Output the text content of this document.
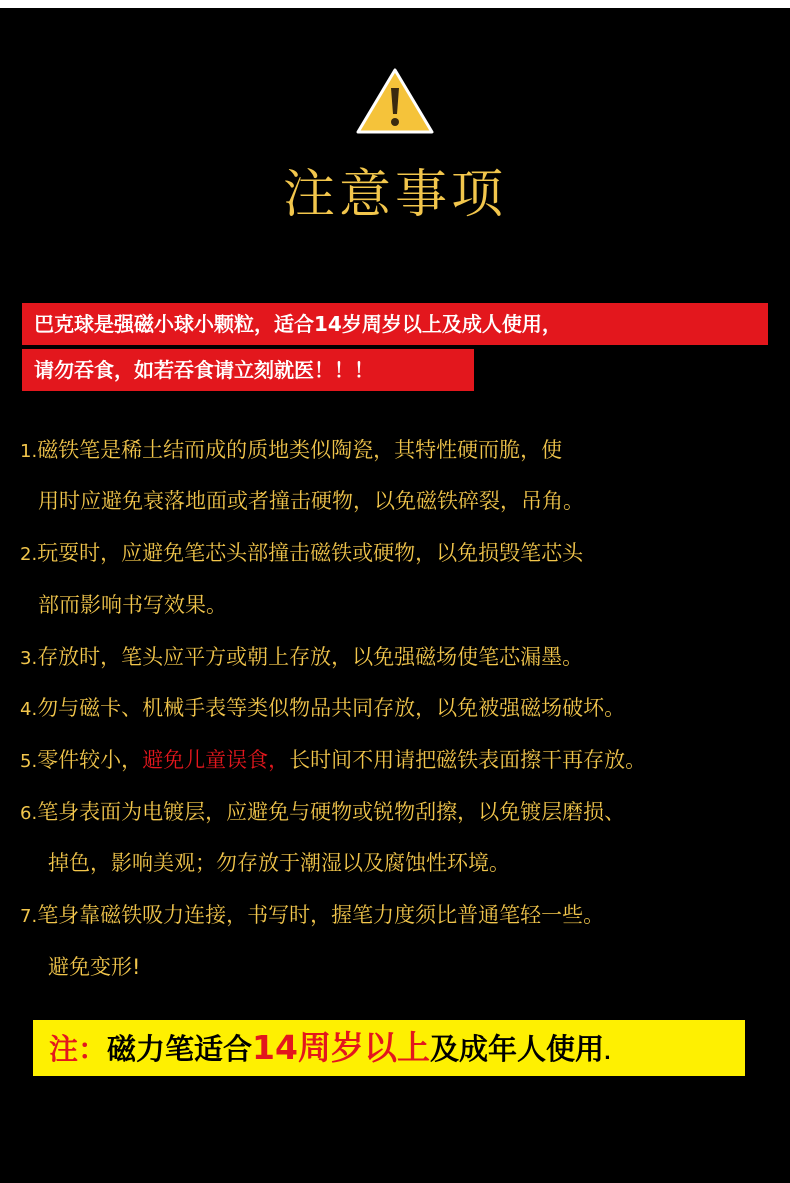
注意事项
巴克球是强磁小球小颗粒，适合14岁周岁以上及成人使用，
请勿吞食，如若吞食请立刻就医！！！
1.磁铁笔是稀土结而成的质地类似陶瓷，其特性硬而脆，使
用时应避免衰落地面或者撞击硬物，以免磁铁碎裂，吊角。
2.玩耍时，应避免笔芯头部撞击磁铁或硬物，以免损毁笔芯头
部而影响书写效果。
3.存放时，笔头应平方或朝上存放，以免强磁场使笔芯漏墨。
4.勿与磁卡、机械手表等类似物品共同存放，以免被强磁场破坏。
5.零件较小，避免儿童误食，长时间不用请把磁铁表面擦干再存放。
6.笔身表面为电镀层，应避免与硬物或锐物刮擦，以免镀层磨损、
掉色，影响美观；勿存放于潮湿以及腐蚀性环境。
7.笔身靠磁铁吸力连接，书写时，握笔力度须比普通笔轻一些。
避免变形!
注：磁力笔适合14周岁以上及成年人使用.
